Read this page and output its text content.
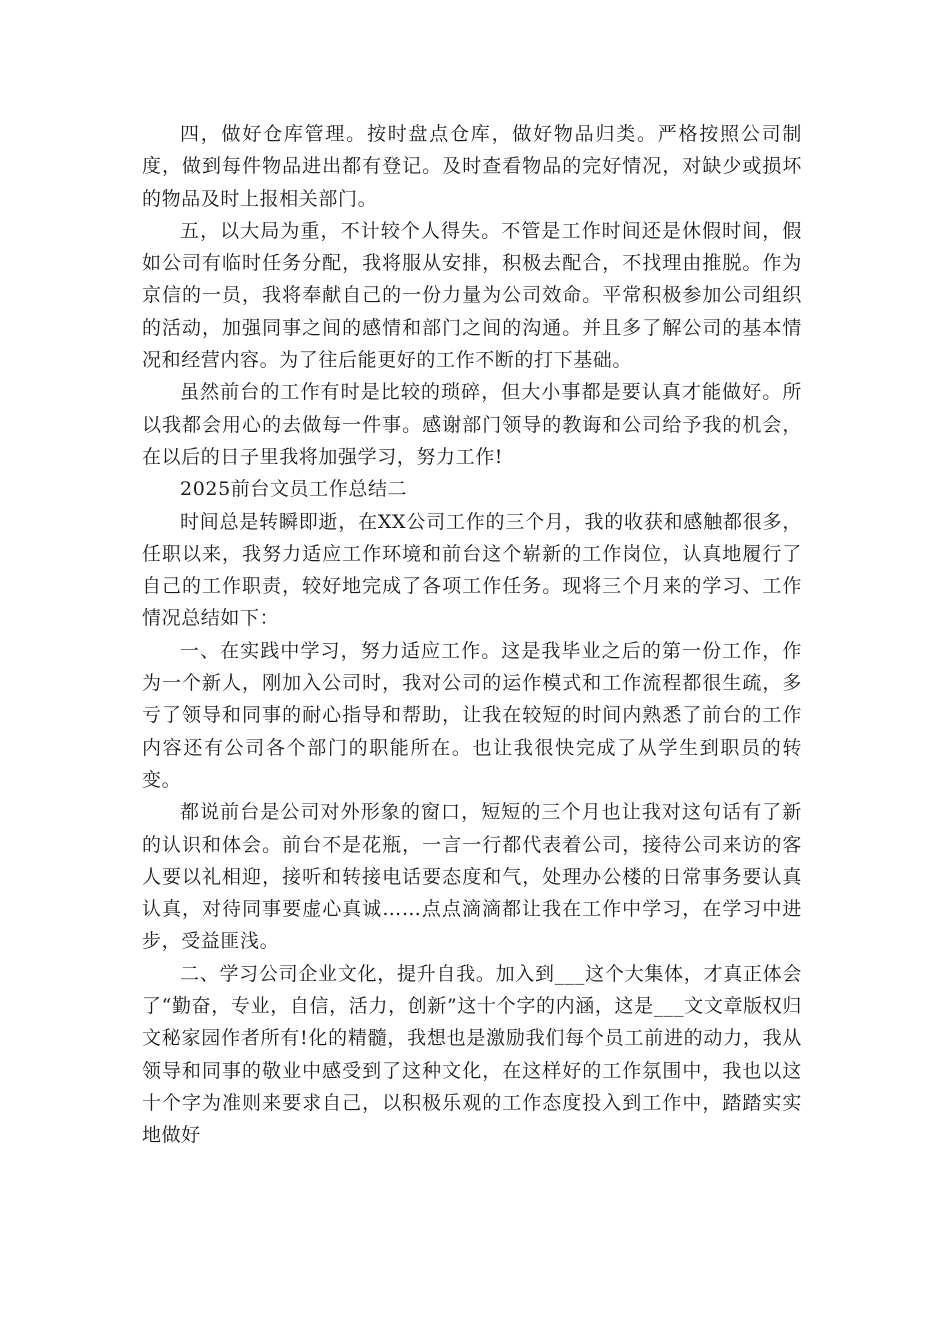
四，做好仓库管理。按时盘点仓库，做好物品归类。严格按照公司制度，做到每件物品进出都有登记。及时查看物品的完好情况，对缺少或损坏的物品及时上报相关部门。

五，以大局为重，不计较个人得失。不管是工作时间还是休假时间，假如公司有临时任务分配，我将服从安排，积极去配合，不找理由推脱。作为京信的一员，我将奉献自己的一份力量为公司效命。平常积极参加公司组织的活动，加强同事之间的感情和部门之间的沟通。并且多了解公司的基本情况和经营内容。为了往后能更好的工作不断的打下基础。

虽然前台的工作有时是比较的琐碎，但大小事都是要认真才能做好。所以我都会用心的去做每一件事。感谢部门领导的教诲和公司给予我的机会，在以后的日子里我将加强学习，努力工作!

2025前台文员工作总结二

时间总是转瞬即逝，在XX公司工作的三个月，我的收获和感触都很多，任职以来，我努力适应工作环境和前台这个崭新的工作岗位，认真地履行了自己的工作职责，较好地完成了各项工作任务。现将三个月来的学习、工作情况总结如下：

一、在实践中学习，努力适应工作。这是我毕业之后的第一份工作，作为一个新人，刚加入公司时，我对公司的运作模式和工作流程都很生疏，多亏了领导和同事的耐心指导和帮助，让我在较短的时间内熟悉了前台的工作内容还有公司各个部门的职能所在。也让我很快完成了从学生到职员的转变。

都说前台是公司对外形象的窗口，短短的三个月也让我对这句话有了新的认识和体会。前台不是花瓶，一言一行都代表着公司，接待公司来访的客人要以礼相迎，接听和转接电话要态度和气，处理办公楼的日常事务要认真认真，对待同事要虚心真诚……点点滴滴都让我在工作中学习，在学习中进步，受益匪浅。

二、学习公司企业文化，提升自我。加入到___这个大集体，才真正体会了“勤奋，专业，自信，活力，创新”这十个字的内涵，这是___文文章版权归文秘家园作者所有!化的精髓，我想也是激励我们每个员工前进的动力，我从领导和同事的敬业中感受到了这种文化，在这样好的工作氛围中，我也以这十个字为准则来要求自己，以积极乐观的工作态度投入到工作中，踏踏实实地做好
